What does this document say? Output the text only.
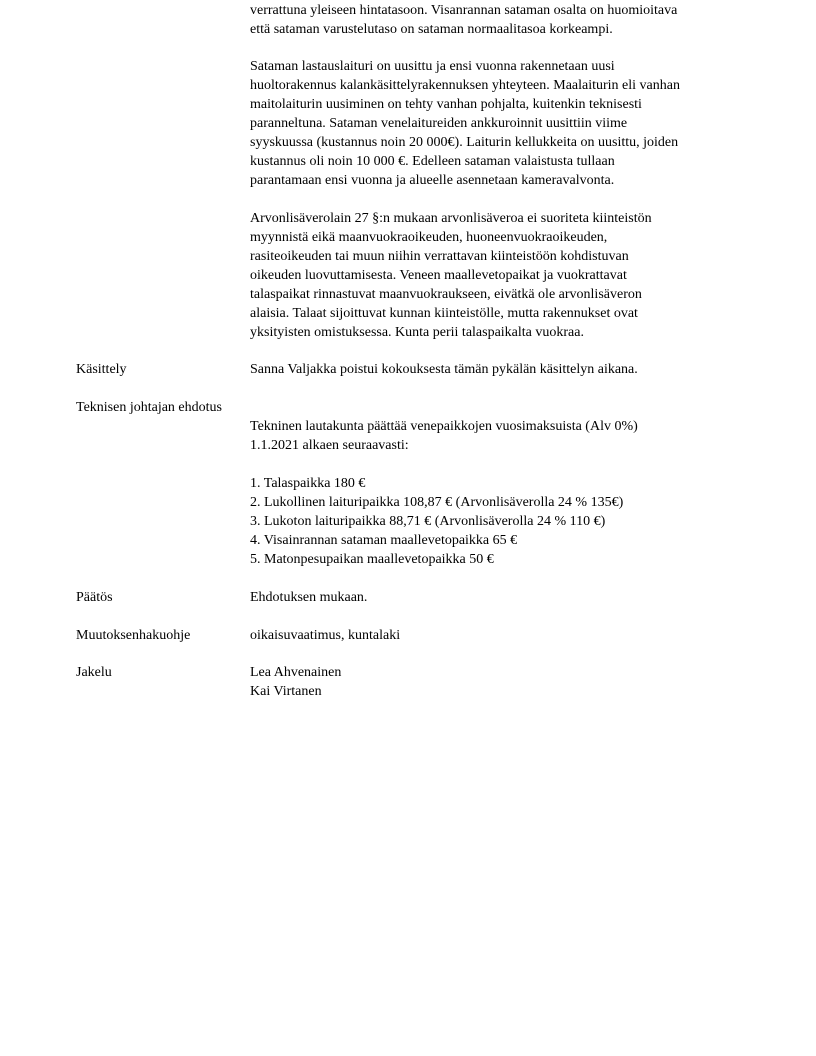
verrattuna yleiseen hintatasoon. Visanrannan sataman osalta on huomioitava
että sataman varustelutaso on sataman normaalitasoa korkeampi.
Sataman lastauslaituri on uusittu ja ensi vuonna rakennetaan uusi
huoltorakennus kalankäsittelyrakennuksen yhteyteen. Maalaiturin eli vanhan
maitolaiturin uusiminen on tehty vanhan pohjalta, kuitenkin teknisesti
paranneltuna. Sataman venelaitureiden ankkuroinnit uusittiin viime
syyskuussa (kustannus noin 20 000€). Laiturin kellukkeita on uusittu, joiden
kustannus oli noin 10 000 €. Edelleen sataman valaistusta tullaan
parantamaan ensi vuonna ja alueelle asennetaan kameravalvonta.
Arvonlisäverolain 27 §:n mukaan arvonlisäveroa ei suoriteta kiinteistön
myynnistä eikä maanvuokraoikeuden, huoneenvuokraoikeuden,
rasiteoikeuden tai muun niihin verrattavan kiinteistöön kohdistuvan
oikeuden luovuttamisesta. Veneen maallevetopaikat ja vuokrattavat
talaspaikat rinnastuvat maanvuokraukseen, eivätkä ole arvonlisäveron
alaisia. Talaat sijoittuvat kunnan kiinteistölle, mutta rakennukset ovat
yksityisten omistuksessa. Kunta perii talaspaikalta vuokraa.
Käsittely	Sanna Valjakka poistui kokouksesta tämän pykälän käsittelyn aikana.
Teknisen johtajan ehdotus
Tekninen lautakunta päättää venepaikkojen vuosimaksuista (Alv 0%)
1.1.2021 alkaen seuraavasti:
1. Talaspaikka 180 €
2. Lukollinen laituripaikka 108,87 € (Arvonlisäverolla 24 % 135€)
3. Lukoton laituripaikka 88,71 € (Arvonlisäverolla 24 % 110 €)
4. Visainrannan sataman maallevetopaikka 65 €
5. Matonpesupaikan maallevetopaikka 50 €
Päätös	Ehdotuksen mukaan.
Muutoksenhakuohje	oikaisuvaatimus, kuntalaki
Jakelu	Lea Ahvenainen
Kai Virtanen
